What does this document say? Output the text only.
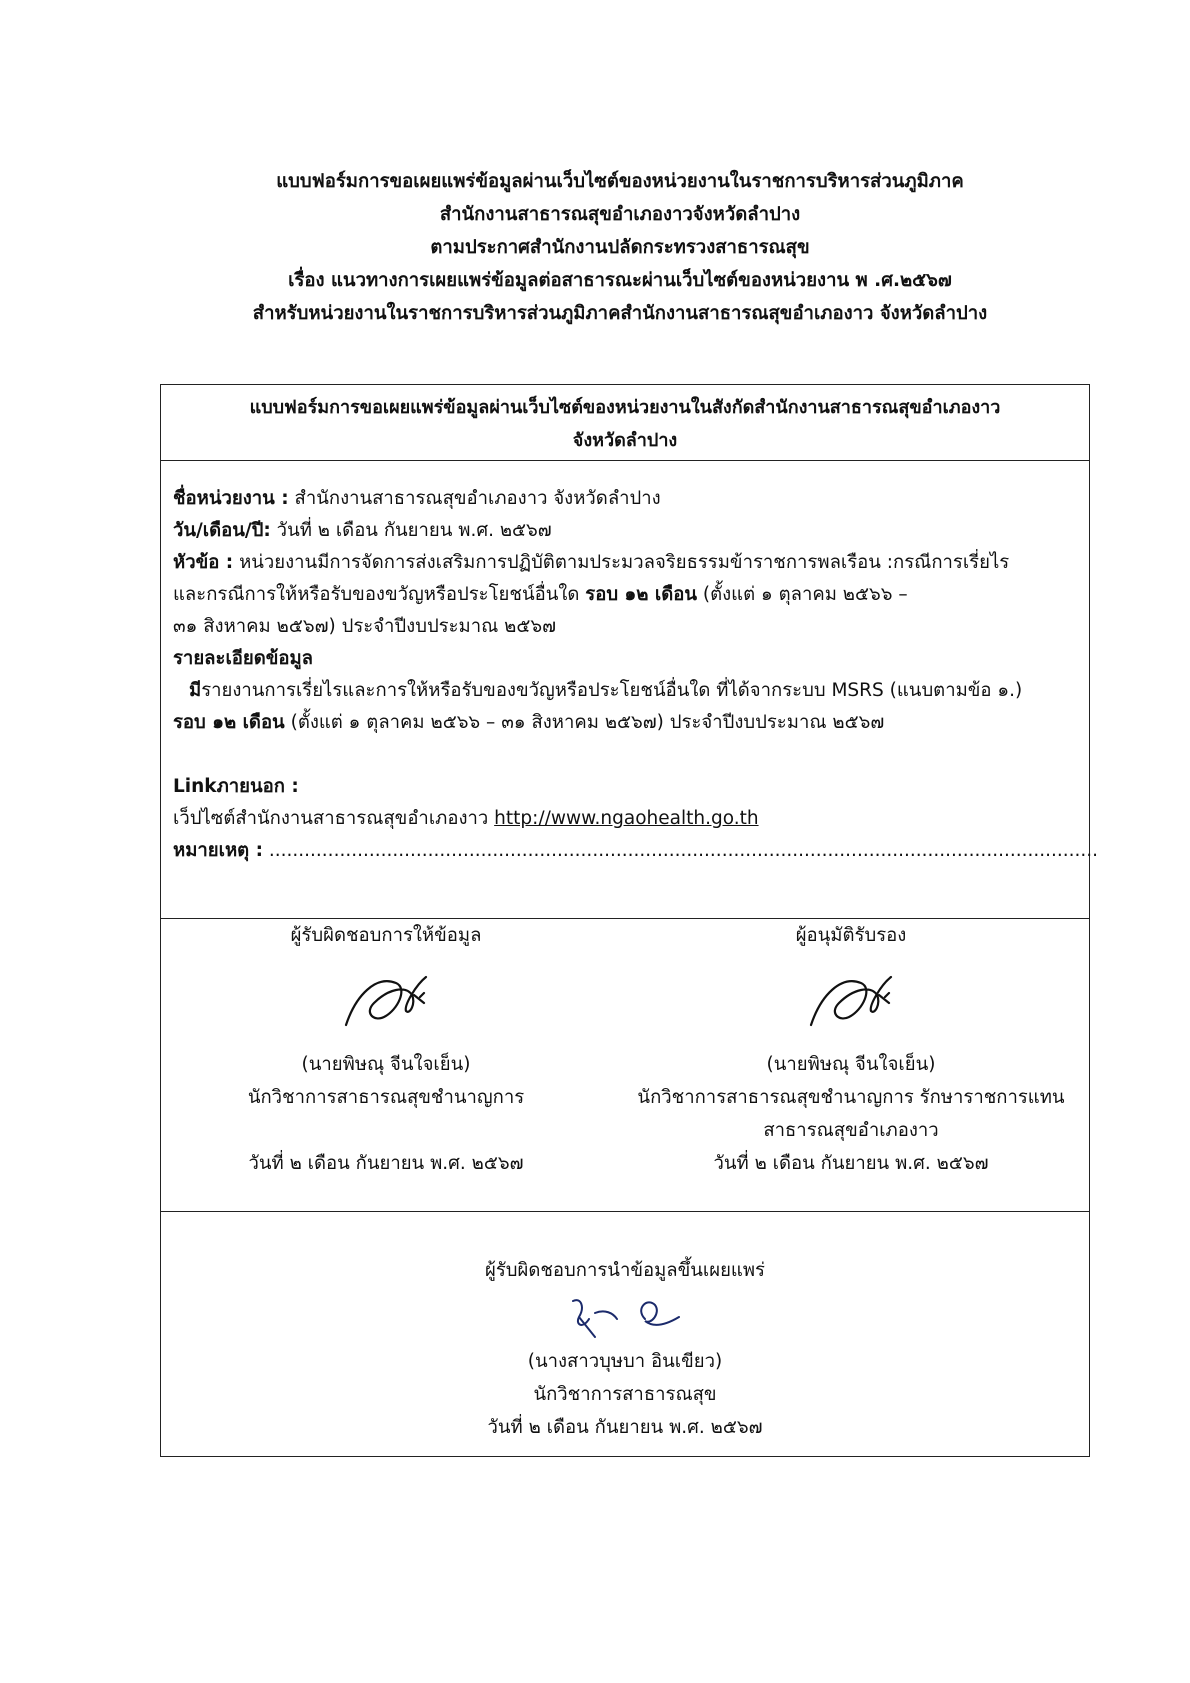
แบบฟอร์มการขอเผยแพร่ข้อมูลผ่านเว็บไซต์ของหน่วยงานในราชการบริหารส่วนภูมิภาค
สำนักงานสาธารณสุขอำเภองาวจังหวัดลำปาง
ตามประกาศสำนักงานปลัดกระทรวงสาธารณสุข
เรื่อง แนวทางการเผยแพร่ข้อมูลต่อสาธารณะผ่านเว็บไซต์ของหน่วยงาน พ .ศ.๒๕๖๗
สำหรับหน่วยงานในราชการบริหารส่วนภูมิภาคสำนักงานสาธารณสุขอำเภองาว จังหวัดลำปาง
แบบฟอร์มการขอเผยแพร่ข้อมูลผ่านเว็บไซต์ของหน่วยงานในสังกัดสำนักงานสาธารณสุขอำเภองาว
จังหวัดลำปาง
ชื่อหน่วยงาน : สำนักงานสาธารณสุขอำเภองาว จังหวัดลำปาง
วัน/เดือน/ปี: วันที่ ๒ เดือน กันยายน พ.ศ. ๒๕๖๗
หัวข้อ : หน่วยงานมีการจัดการส่งเสริมการปฏิบัติตามประมวลจริยธรรมข้าราชการพลเรือน :กรณีการเรี่ยไร
และกรณีการให้หรือรับของขวัญหรือประโยชน์อื่นใด รอบ ๑๒ เดือน (ตั้งแต่ ๑ ตุลาคม ๒๕๖๖ –
๓๑ สิงหาคม ๒๕๖๗) ประจำปีงบประมาณ ๒๕๖๗
รายละเอียดข้อมูล
มีรายงานการเรี่ยไรและการให้หรือรับของขวัญหรือประโยชน์อื่นใด ที่ได้จากระบบ MSRS (แนบตามข้อ ๑.)
รอบ ๑๒ เดือน (ตั้งแต่ ๑ ตุลาคม ๒๕๖๖ – ๓๑ สิงหาคม ๒๕๖๗) ประจำปีงบประมาณ ๒๕๖๗
Linkภายนอก :
เว็ปไซต์สำนักงานสาธารณสุขอำเภองาว http://www.ngaohealth.go.th
หมายเหตุ : .............................................................................................................................................
ผู้รับผิดชอบการให้ข้อมูล
(นายพิษณุ จีนใจเย็น)
นักวิชาการสาธารณสุขชำนาญการ
วันที่ ๒ เดือน กันยายน พ.ศ. ๒๕๖๗
ผู้อนุมัติรับรอง
(นายพิษณุ จีนใจเย็น)
นักวิชาการสาธารณสุขชำนาญการ รักษาราชการแทน
สาธารณสุขอำเภองาว
วันที่ ๒ เดือน กันยายน พ.ศ. ๒๕๖๗
ผู้รับผิดชอบการนำข้อมูลขึ้นเผยแพร่
(นางสาวบุษบา อินเขียว)
นักวิชาการสาธารณสุข
วันที่ ๒ เดือน กันยายน พ.ศ. ๒๕๖๗
